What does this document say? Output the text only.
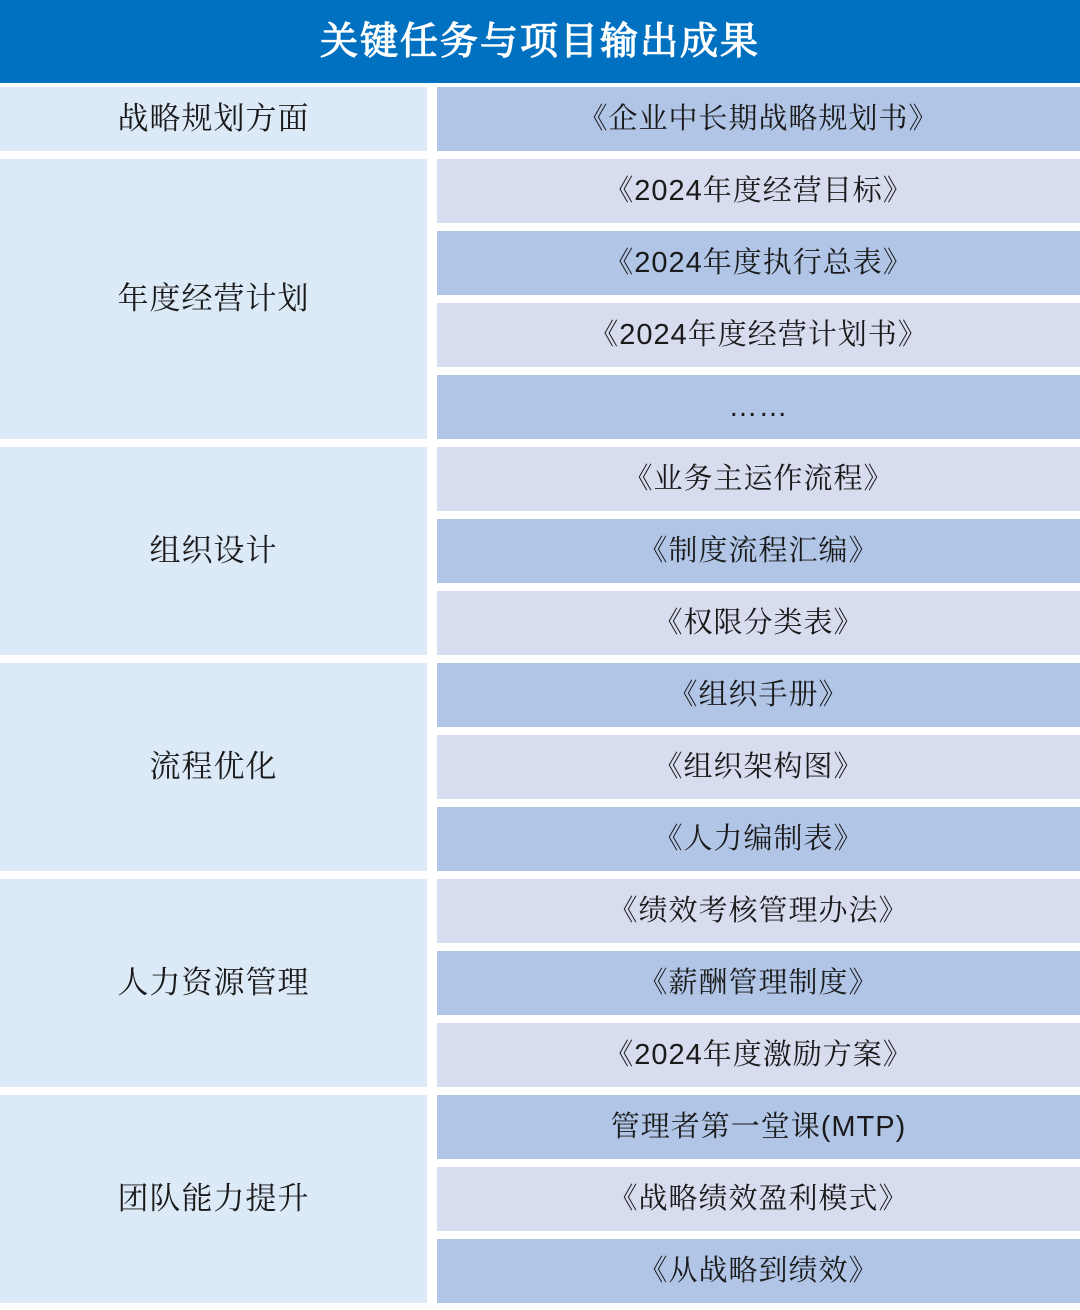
关键任务与项目输出成果
战略规划方面	《企业中长期战略规划书》
年度经营计划
《2024年度经营目标》
《2024年度执行总表》
《2024年度经营计划书》
……
组织设计
《业务主运作流程》
《制度流程汇编》
《权限分类表》
流程优化
《组织手册》
《组织架构图》
《人力编制表》
人力资源管理
《绩效考核管理办法》
《薪酬管理制度》
《2024年度激励方案》
团队能力提升
管理者第一堂课(MTP)
《战略绩效盈利模式》
《从战略到绩效》
